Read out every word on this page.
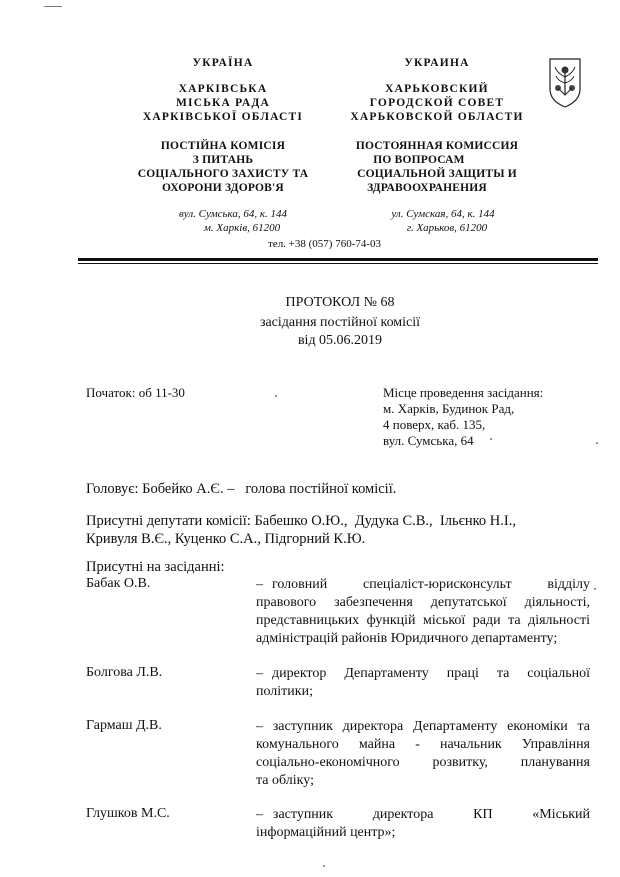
УКРАЇНА
ХАРКІВСЬКА
МІСЬКА РАДА
ХАРКІВСЬКОЇ ОБЛАСТІ
ПОСТІЙНА КОМІСІЯ
З ПИТАНЬ
СОЦІАЛЬНОГО ЗАХИСТУ ТА
ОХОРОНИ ЗДОРОВ'Я
вул. Сумська, 64, к. 144
м. Харків, 61200
УКРАИНА
ХАРЬКОВСКИЙ
ГОРОДСКОЙ СОВЕТ
ХАРЬКОВСКОЙ ОБЛАСТИ
ПОСТОЯННАЯ КОМИССИЯ
ПО ВОПРОСАМ
СОЦИАЛЬНОЙ ЗАЩИТЫ И
ЗДРАВООХРАНЕНИЯ
ул. Сумская, 64, к. 144
г. Харьков, 61200
тел. +38 (057) 760-74-03
ПРОТОКОЛ № 68
засідання постійної комісії
від 05.06.2019
Початок: об 11-30	Місце проведення засідання:
м. Харків, Будинок Рад,
4 поверх, каб. 135,
вул. Сумська, 64
Головує: Бобейко А.Є. –   голова постійної комісії.
Присутні депутати комісії: Бабешко О.Ю.,  Дудука С.В.,  Ільєнко Н.І.,
Кривуля В.Є., Куценко С.А., Підгорний К.Ю.
Присутні на засіданні:
Бабак О.В.	– головний    спеціаліст-юрисконсульт    відділу
правового забезпечення депутатської діяльності,
представницьких функцій міської ради та діяльності
адміністрацій районів Юридичного департаменту;
Болгова Л.В.	– директор  Департаменту  праці  та  соціальної
політики;
Гармаш Д.В.	– заступник директора Департаменту економіки та
комунального  майна  -  начальник  Управління
соціально-економічного   розвитку,   планування
та обліку;
Глушков М.С.	– заступник    директора    КП    «Міський
інформаційний центр»;
